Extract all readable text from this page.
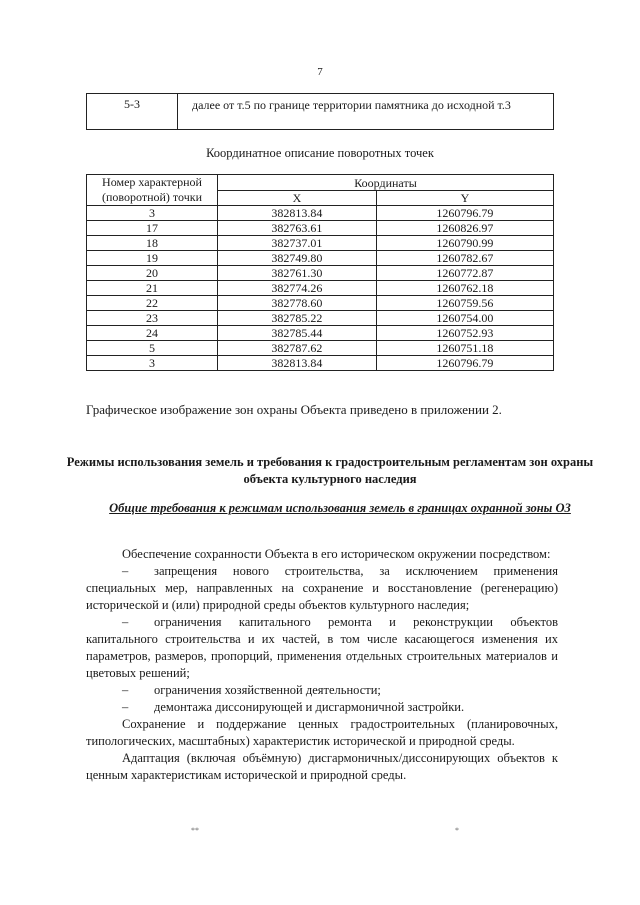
7
5-3	далее от т.5 по границе территории памятника до исходной т.3
Координатное описание поворотных точек
Номер характерной (поворотной) точки	Координаты	
	X	Y
3	382813.84	1260796.79
17	382763.61	1260826.97
18	382737.01	1260790.99
19	382749.80	1260782.67
20	382761.30	1260772.87
21	382774.26	1260762.18
22	382778.60	1260759.56
23	382785.22	1260754.00
24	382785.44	1260752.93
5	382787.62	1260751.18
3	382813.84	1260796.79
Графическое изображение зон охраны Объекта приведено в приложении 2.
Режимы использования земель и требования к градостроительным регламентам зон охраны объекта культурного наследия
Общие требования к режимам использования земель в границах охранной зоны ОЗ

Обеспечение сохранности Объекта в его историческом окружении посредством:

– запрещения нового строительства, за исключением применения специальных мер, направленных на сохранение и восстановление (регенерацию) исторической и (или) природной среды объектов культурного наследия;

– ограничения капитального ремонта и реконструкции объектов капитального строительства и их частей, в том числе касающегося изменения их параметров, размеров, пропорций, применения отдельных строительных материалов и цветовых решений;

–	ограничения хозяйственной деятельности;
–	демонтажа диссонирующей и дисгармоничной застройки.

Сохранение и поддержание ценных градостроительных (планировочных, типологических, масштабных) характеристик исторической и природной среды.

Адаптация (включая объёмную) дисгармоничных/диссонирующих объектов к ценным характеристикам исторической и природной среды.

**	*
